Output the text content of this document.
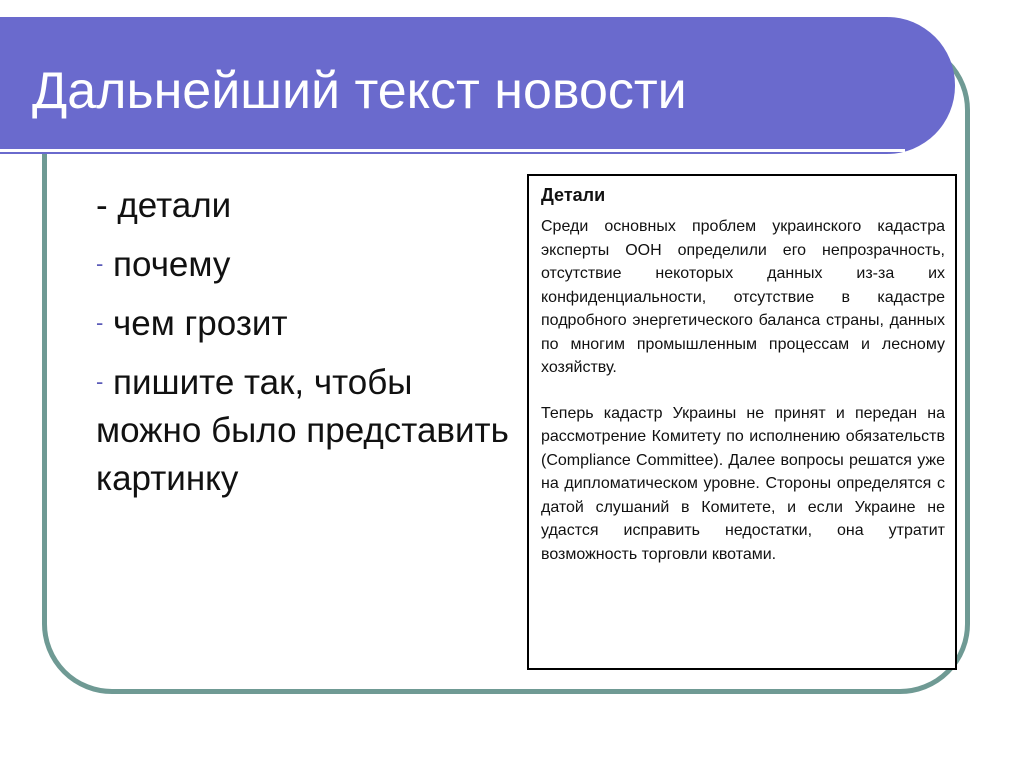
Дальнейший текст новости
- детали
- почему
- чем грозит
- пишите так, чтобы можно было представить картинку
Детали

Среди основных проблем украинского кадастра эксперты ООН определили его непрозрачность, отсутствие некоторых данных из-за их конфиденциальности, отсутствие в кадастре подробного энергетического баланса страны, данных по многим промышленным процессам и лесному хозяйству.

Теперь кадастр Украины не принят и передан на рассмотрение Комитету по исполнению обязательств (Compliance Committee). Далее вопросы решатся уже на дипломатическом уровне. Стороны определятся с датой слушаний в Комитете, и если Украине не удастся исправить недостатки, она утратит возможность торговли квотами.
